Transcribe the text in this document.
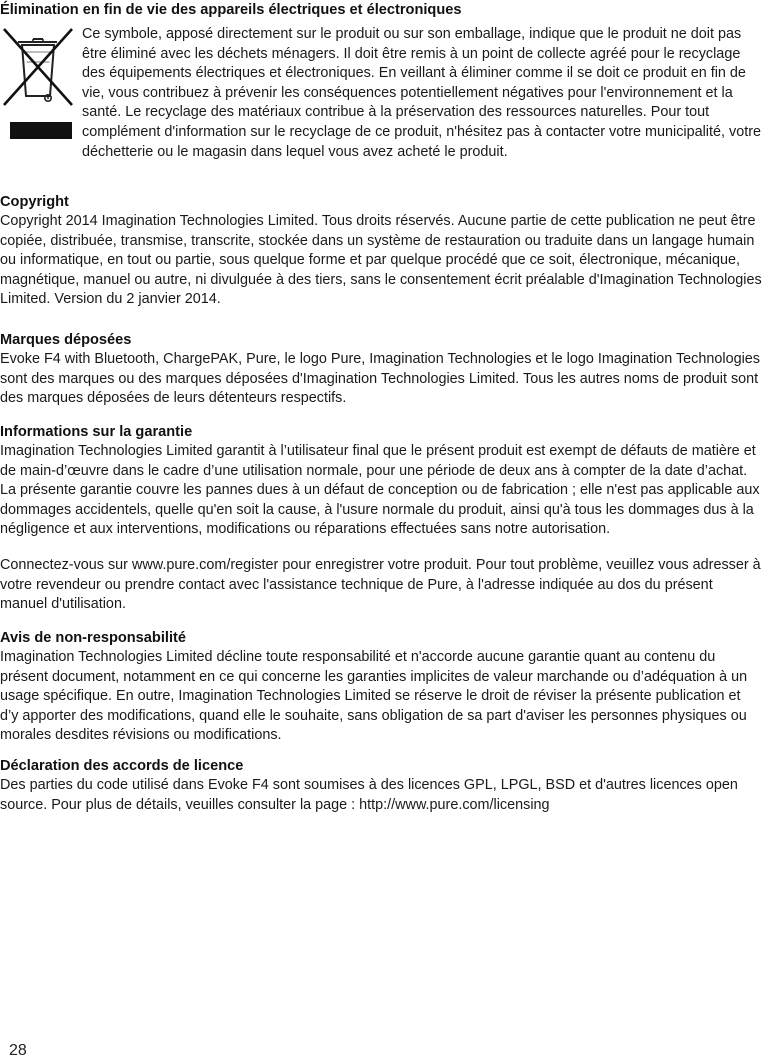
Élimination en fin de vie des appareils électriques et électroniques
Ce symbole, apposé directement sur le produit ou sur son emballage, indique que le produit ne doit pas être éliminé avec les déchets ménagers. Il doit être remis à un point de collecte agréé pour le recyclage des équipements électriques et électroniques. En veillant à éliminer comme il se doit ce produit en fin de vie, vous contribuez à prévenir les conséquences potentiellement négatives pour l'environnement et la santé. Le recyclage des matériaux contribue à la préservation des ressources naturelles. Pour tout complément d'information sur le recyclage de ce produit, n'hésitez pas à contacter votre municipalité, votre déchetterie ou le magasin dans lequel vous avez acheté le produit.
Copyright
Copyright 2014 Imagination Technologies Limited. Tous droits réservés. Aucune partie de cette publication ne peut être copiée, distribuée, transmise, transcrite, stockée dans un système de restauration ou traduite dans un langage humain ou informatique, en tout ou partie, sous quelque forme et par quelque procédé que ce soit, électronique, mécanique, magnétique, manuel ou autre, ni divulguée à des tiers, sans le consentement écrit préalable d'Imagination Technologies Limited. Version du 2 janvier 2014.
Marques déposées
Evoke F4 with Bluetooth, ChargePAK, Pure, le logo Pure, Imagination Technologies et le logo Imagination Technologies sont des marques ou des marques déposées d'Imagination Technologies Limited. Tous les autres noms de produit sont des marques déposées de leurs détenteurs respectifs.
Informations sur la garantie
Imagination Technologies Limited garantit à l’utilisateur final que le présent produit est exempt de défauts de matière et de main-d’œuvre dans le cadre d’une utilisation normale, pour une période de deux ans à compter de la date d’achat. La présente garantie couvre les pannes dues à un défaut de conception ou de fabrication ; elle n'est pas applicable aux dommages accidentels, quelle qu'en soit la cause, à l'usure normale du produit, ainsi qu'à tous les dommages dus à la négligence et aux interventions, modifications ou réparations effectuées sans notre autorisation.
Connectez-vous sur www.pure.com/register pour enregistrer votre produit. Pour tout problème, veuillez vous adresser à votre revendeur ou prendre contact avec l'assistance technique de Pure, à l'adresse indiquée au dos du présent manuel d'utilisation.
Avis de non-responsabilité
Imagination Technologies Limited décline toute responsabilité et n'accorde aucune garantie quant au contenu du présent document, notamment en ce qui concerne les garanties implicites de valeur marchande ou d’adéquation à un usage spécifique. En outre, Imagination Technologies Limited se réserve le droit de réviser la présente publication et d’y apporter des modifications, quand elle le souhaite, sans obligation de sa part d'aviser les personnes physiques ou morales desdites révisions ou modifications.
Déclaration des accords de licence
Des parties du code utilisé dans Evoke F4 sont soumises à des licences GPL, LPGL, BSD et d'autres licences open source. Pour plus de détails, veuilles consulter la page : http://www.pure.com/licensing
28
